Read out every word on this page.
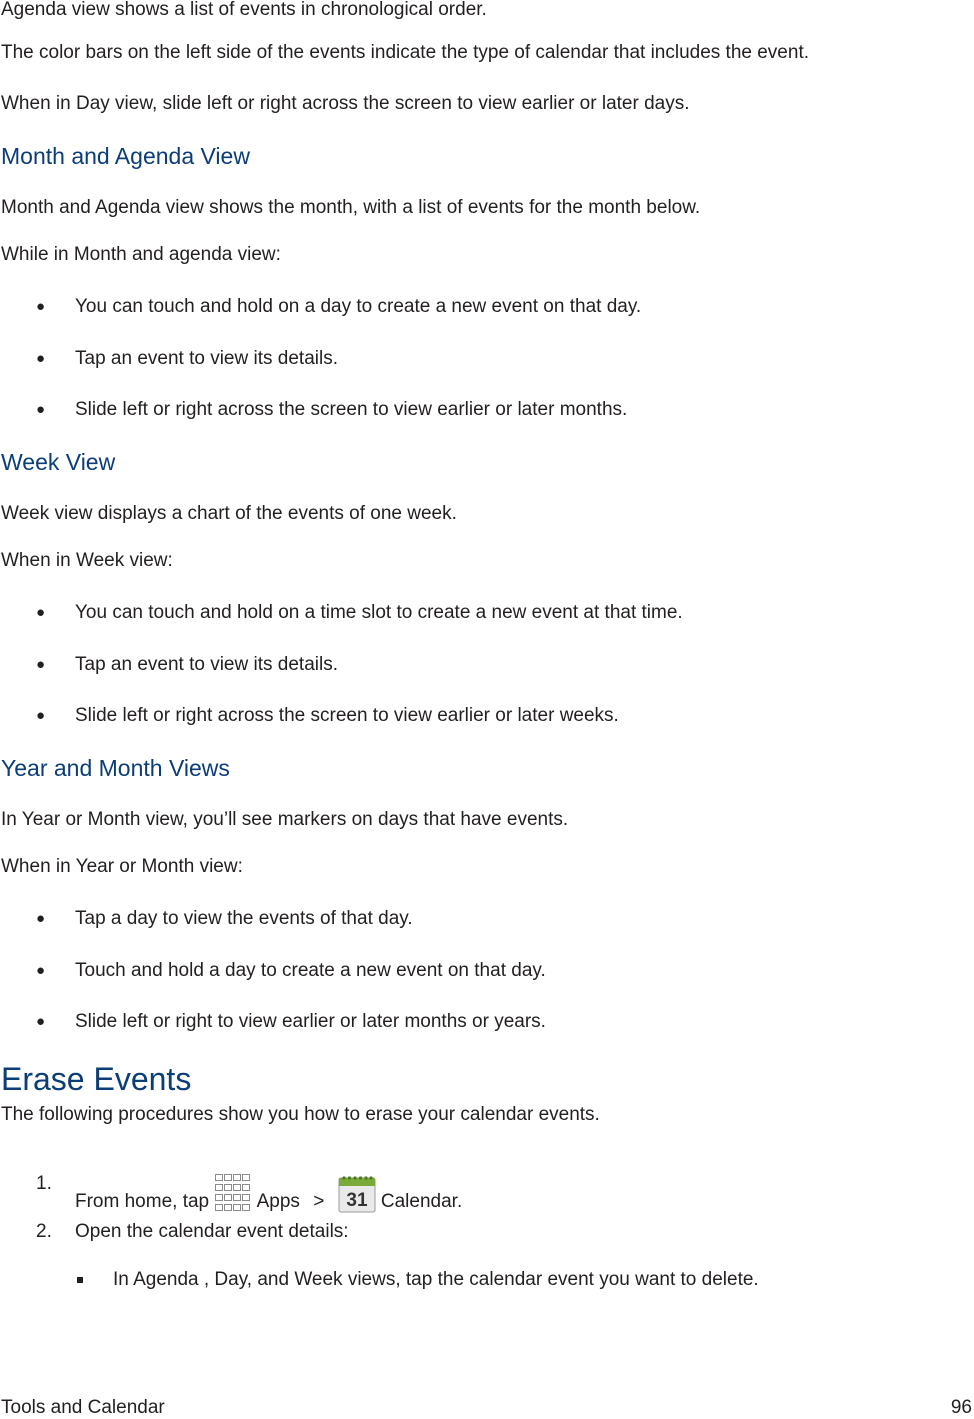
Agenda view shows a list of events in chronological order.
The color bars on the left side of the events indicate the type of calendar that includes the event.
When in Day view, slide left or right across the screen to view earlier or later days.
Month and Agenda View
Month and Agenda view shows the month, with a list of events for the month below.
While in Month and agenda view:
● You can touch and hold on a day to create a new event on that day.
● Tap an event to view its details.
● Slide left or right across the screen to view earlier or later months.
Week View
Week view displays a chart of the events of one week.
When in Week view:
● You can touch and hold on a time slot to create a new event at that time.
● Tap an event to view its details.
● Slide left or right across the screen to view earlier or later weeks.
Year and Month Views
In Year or Month view, you’ll see markers on days that have events.
When in Year or Month view:
● Tap a day to view the events of that day.
● Touch and hold a day to create a new event on that day.
● Slide left or right to view earlier or later months or years.
Erase Events
The following procedures show you how to erase your calendar events.
1.
From home, tap	Apps > 31 Calendar.
2. Open the calendar event details:
In Agenda , Day, and Week views, tap the calendar event you want to delete.
Tools and Calendar	96
